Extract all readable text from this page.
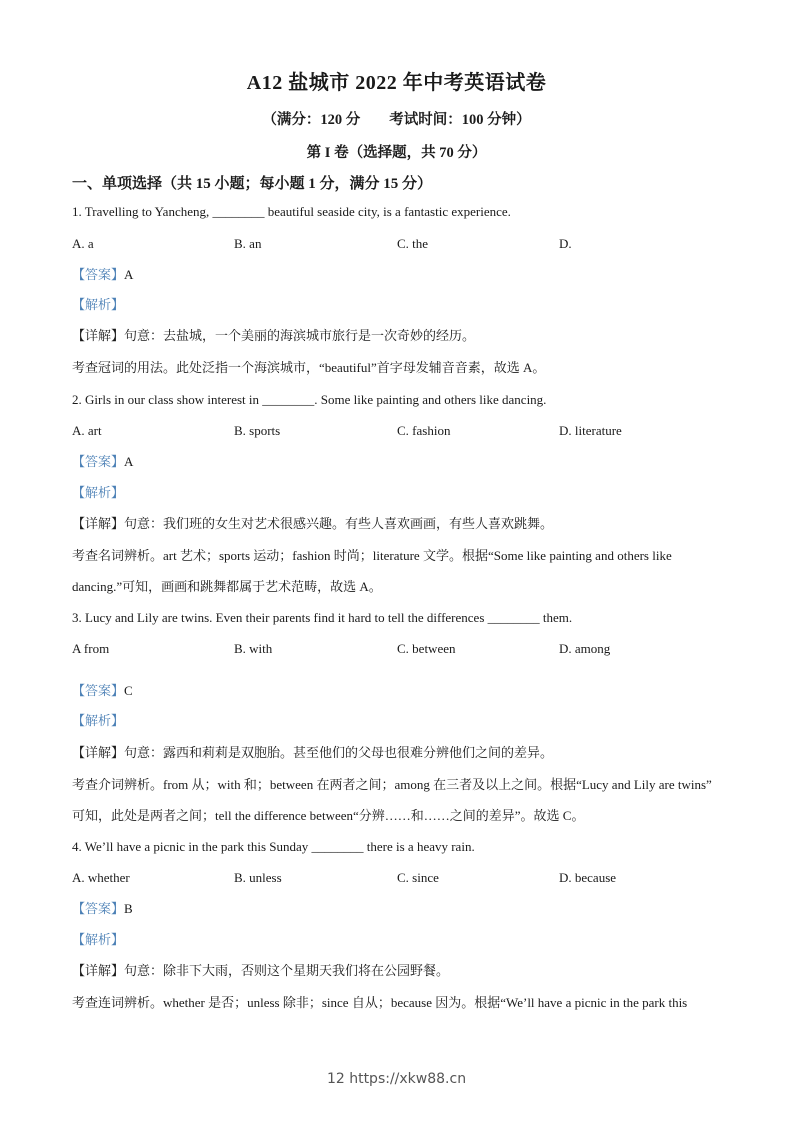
A12 盐城市 2022 年中考英语试卷
（满分：120 分　　考试时间：100 分钟）
第 I 卷（选择题，共 70 分）
一、单项选择（共 15 小题；每小题 1 分，满分 15 分）
1. Travelling to Yancheng, ________ beautiful seaside city, is a fantastic experience.
A. a	B. an	C. the	D.
【答案】A
【解析】
【详解】句意：去盐城，一个美丽的海滨城市旅行是一次奇妙的经历。
考查冠词的用法。此处泛指一个海滨城市，“beautiful”首字母发辅音音素，故选 A。
2. Girls in our class show interest in ________. Some like painting and others like dancing.
A. art	B. sports	C. fashion	D. literature
【答案】A
【解析】
【详解】句意：我们班的女生对艺术很感兴趣。有些人喜欢画画，有些人喜欢跳舞。
考查名词辨析。art 艺术；sports 运动；fashion 时尚；literature 文学。根据“Some like painting and others like
dancing.”可知，画画和跳舞都属于艺术范畴，故选 A。
3. Lucy and Lily are twins. Even their parents find it hard to tell the differences ________ them.
A from	B. with	C. between	D. among
【答案】C
【解析】
【详解】句意：露西和莉莉是双胞胎。甚至他们的父母也很难分辨他们之间的差异。
考查介词辨析。from 从；with 和；between 在两者之间；among 在三者及以上之间。根据“Lucy and Lily are twins”
可知，此处是两者之间；tell the difference between“分辨……和……之间的差异”。故选 C。
4. We’ll have a picnic in the park this Sunday ________ there is a heavy rain.
A. whether	B. unless	C. since	D. because
【答案】B
【解析】
【详解】句意：除非下大雨，否则这个星期天我们将在公园野餐。
考查连词辨析。whether 是否；unless 除非；since 自从；because 因为。根据“We’ll have a picnic in the park this
12 https://xkw88.cn
